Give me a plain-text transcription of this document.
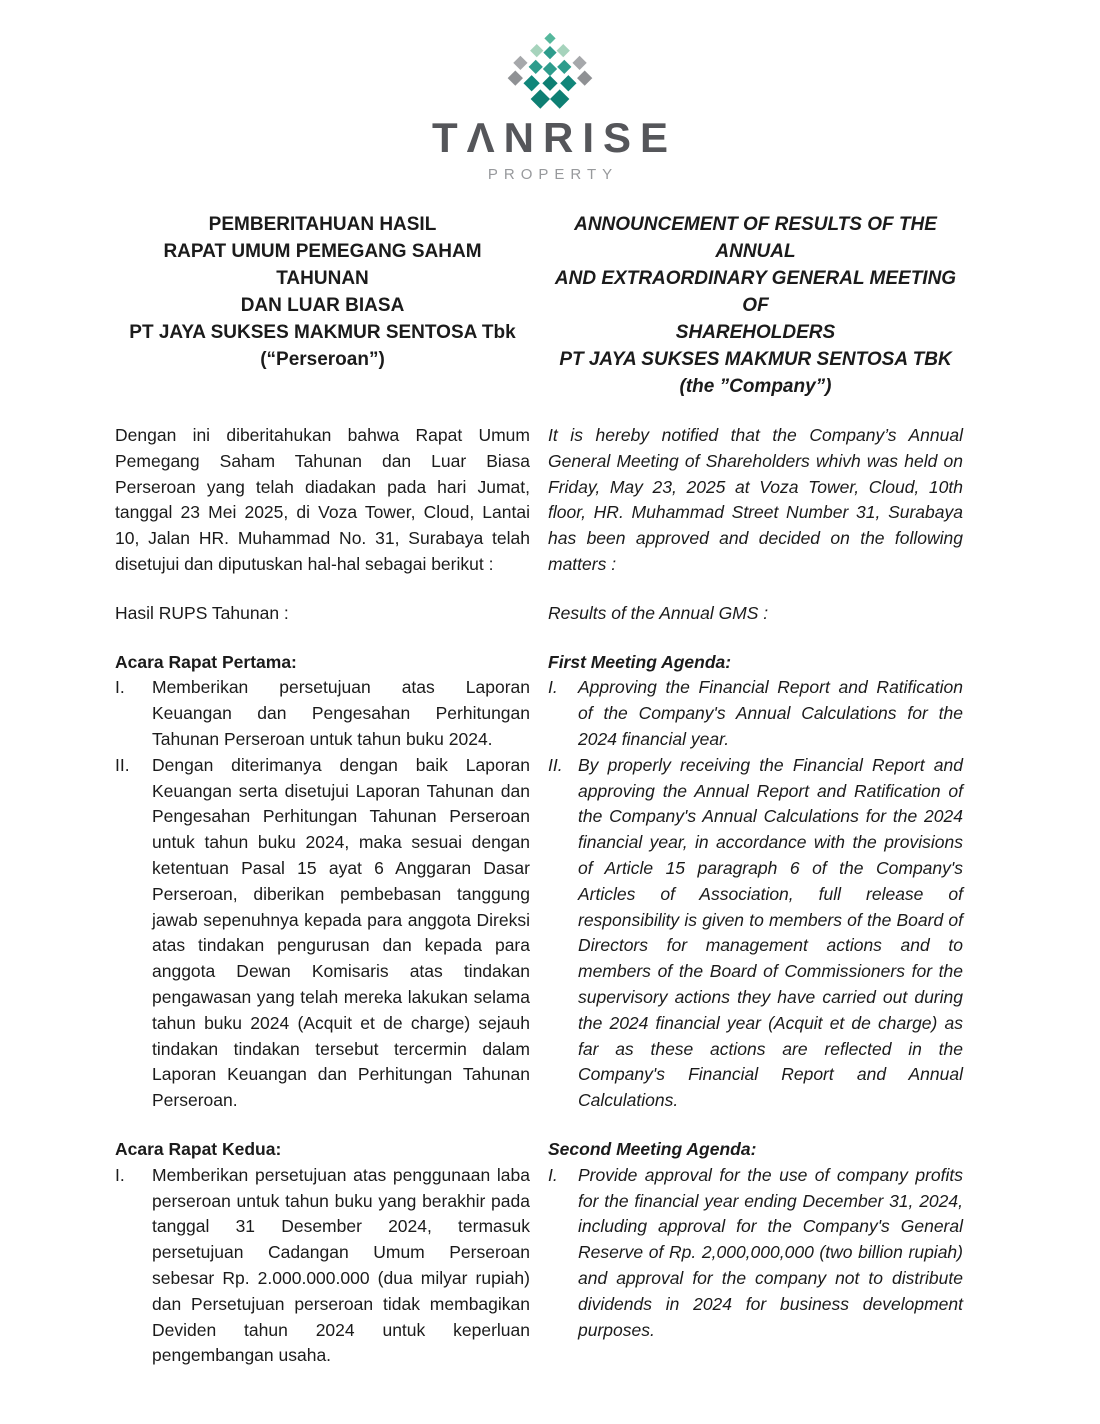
TΛNRISE
PROPERTY
PEMBERITAHUAN HASIL
RAPAT UMUM PEMEGANG SAHAM TAHUNAN
DAN LUAR BIASA
PT JAYA SUKSES MAKMUR SENTOSA Tbk
(“Perseroan”)
ANNOUNCEMENT OF RESULTS OF THE ANNUAL
AND EXTRAORDINARY GENERAL MEETING OF
SHAREHOLDERS
PT JAYA SUKSES MAKMUR SENTOSA TBK
(the ”Company”)
Dengan ini diberitahukan bahwa Rapat Umum Pemegang Saham Tahunan dan Luar Biasa Perseroan yang telah diadakan pada hari Jumat, tanggal 23 Mei 2025, di Voza Tower, Cloud, Lantai 10, Jalan HR. Muhammad No. 31, Surabaya telah disetujui dan diputuskan hal-hal sebagai berikut :
It is hereby notified that the Company’s Annual General Meeting of Shareholders whivh was held on Friday, May 23, 2025 at Voza Tower, Cloud, 10th floor, HR. Muhammad Street Number 31, Surabaya has been approved and decided on the following matters :
Hasil RUPS Tahunan :	Results of the Annual GMS :
Acara Rapat Pertama:
I.	Memberikan persetujuan atas Laporan Keuangan dan Pengesahan Perhitungan Tahunan Perseroan untuk tahun buku 2024.
II.	Dengan diterimanya dengan baik Laporan Keuangan serta disetujui Laporan Tahunan dan Pengesahan Perhitungan Tahunan Perseroan untuk tahun buku 2024, maka sesuai dengan ketentuan Pasal 15 ayat 6 Anggaran Dasar Perseroan, diberikan pembebasan tanggung jawab sepenuhnya kepada para anggota Direksi atas tindakan pengurusan dan kepada para anggota Dewan Komisaris atas tindakan pengawasan yang telah mereka lakukan selama tahun buku 2024 (Acquit et de charge) sejauh tindakan tindakan tersebut tercermin dalam Laporan Keuangan dan Perhitungan Tahunan Perseroan.
First Meeting Agenda:
I.	Approving the Financial Report and Ratification of the Company's Annual Calculations for the 2024 financial year.
II. By properly receiving the Financial Report and approving the Annual Report and Ratification of the Company's Annual Calculations for the 2024 financial year, in accordance with the provisions of Article 15 paragraph 6 of the Company's Articles of Association, full release of responsibility is given to members of the Board of Directors for management actions and to members of the Board of Commissioners for the supervisory actions they have carried out during the 2024 financial year (Acquit et de charge) as far as these actions are reflected in the Company's Financial Report and Annual Calculations.
Acara Rapat Kedua:
I.	Memberikan persetujuan atas penggunaan laba perseroan untuk tahun buku yang berakhir pada tanggal 31 Desember 2024, termasuk persetujuan Cadangan Umum Perseroan sebesar Rp. 2.000.000.000 (dua milyar rupiah) dan Persetujuan perseroan tidak membagikan Deviden tahun 2024 untuk keperluan pengembangan usaha.
Second Meeting Agenda:
I.	Provide approval for the use of company profits for the financial year ending December 31, 2024, including approval for the Company's General Reserve of Rp. 2,000,000,000 (two billion rupiah) and approval for the company not to distribute dividends in 2024 for business development purposes.
